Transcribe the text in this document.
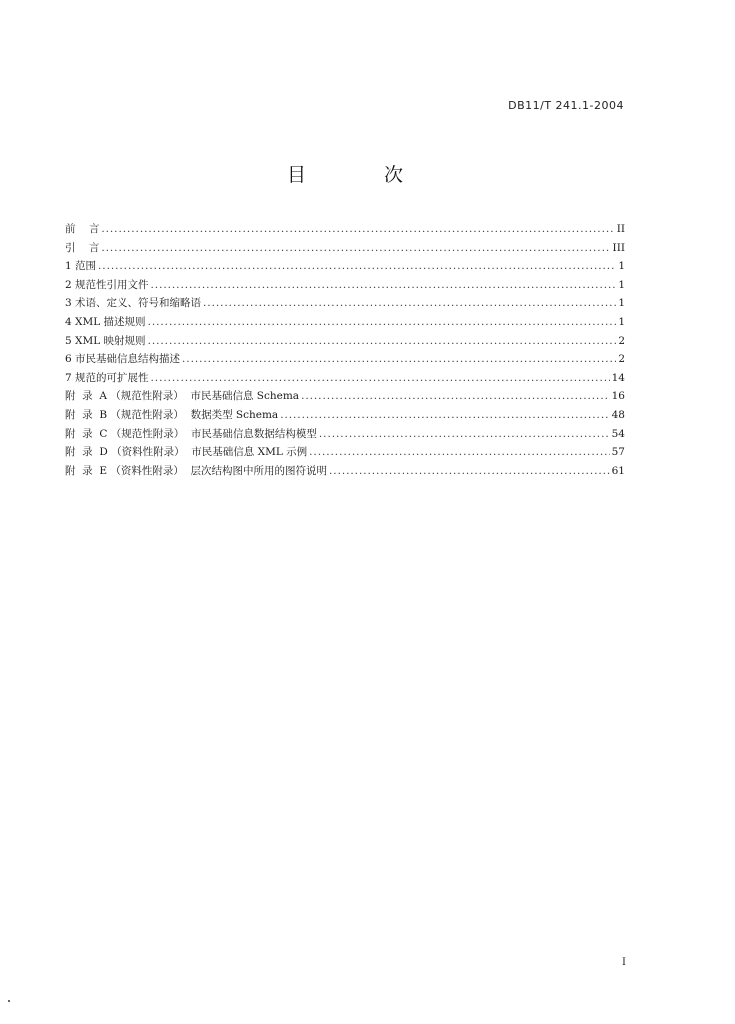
DB11/T 241.1-2004
目 次
前    言 . . .	II
引    言 . . .	III
1 范围 . . .	1
2 规范性引用文件 . . .	1
3 术语、定义、符号和缩略语 . . .	1
4 XML 描述规则 . . .	1
5 XML 映射规则 . . .	2
6 市民基础信息结构描述 . . .	2
7 规范的可扩展性 . . .	14
附  录  A （规范性附录）  市民基础信息 Schema . . .	16
附  录  B （规范性附录）  数据类型 Schema . . .	48
附  录  C （规范性附录）  市民基础信息数据结构模型 . . .	54
附  录  D （资料性附录）  市民基础信息 XML 示例 . . .	57
附  录  E （资料性附录）  层次结构图中所用的图符说明 . . .	61
I
